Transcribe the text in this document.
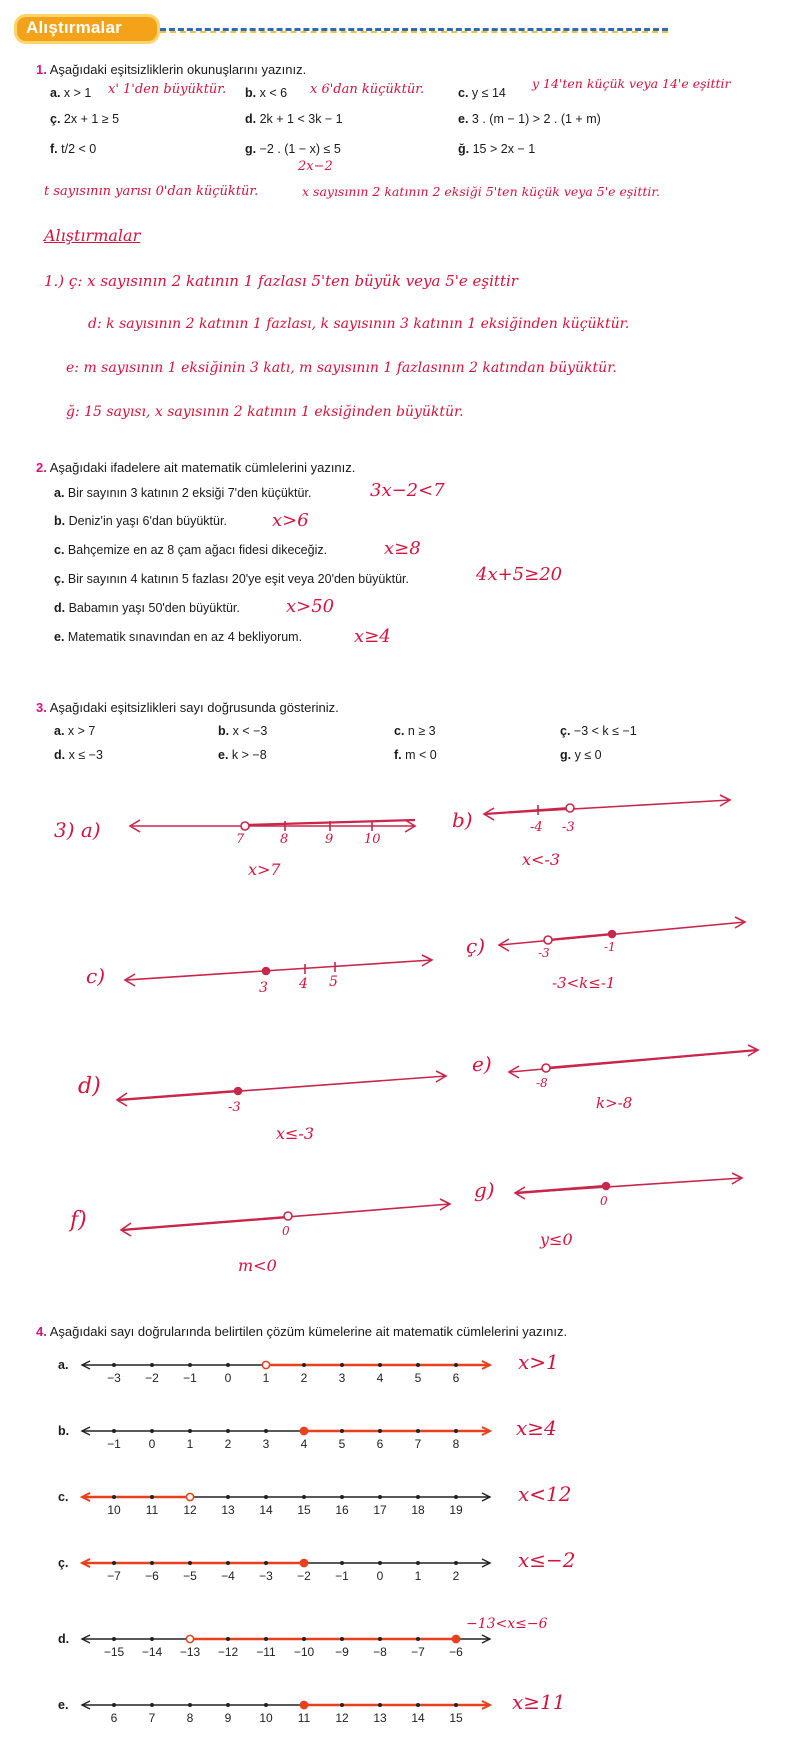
Alıştırmalar
1. Aşağıdaki eşitsizliklerin okunuşlarını yazınız.
a. x > 1	b. x < 6	c. y ≤ 14
ç. 2x + 1 ≥ 5	d. 2k + 1 < 3k − 1	e. 3 . (m − 1) > 2 . (1 + m)
f. t/2 < 0	g. −2 . (1 − x) ≤ 5	ğ. 15 > 2x − 1
x' 1'den büyüktür.	x 6'dan küçüktür.	y 14'ten küçük veya 14'e eşittir
2x−2
t sayısının yarısı 0'dan küçüktür.	x sayısının 2 katının 2 eksiği 5'ten küçük veya 5'e eşittir.
Alıştırmalar
1.) ç: x sayısının 2 katının 1 fazlası 5'ten büyük veya 5'e eşittir
d: k sayısının 2 katının 1 fazlası, k sayısının 3 katının 1 eksiğinden küçüktür.
e: m sayısının 1 eksiğinin 3 katı, m sayısının 1 fazlasının 2 katından büyüktür.
ğ: 15 sayısı, x sayısının 2 katının 1 eksiğinden büyüktür.
2. Aşağıdaki ifadelere ait matematik cümlelerini yazınız.
a. Bir sayının 3 katının 2 eksiği 7'den küçüktür.
b. Deniz'in yaşı 6'dan büyüktür.
c. Bahçemize en az 8 çam ağacı fidesi dikeceğiz.
ç. Bir sayının 4 katının 5 fazlası 20'ye eşit veya 20'den büyüktür.
d. Babamın yaşı 50'den büyüktür.
e. Matematik sınavından en az 4 bekliyorum.
3x−2<7
x>6
x≥8
4x+5≥20
x>50
x≥4
3. Aşağıdaki eşitsizlikleri sayı doğrusunda gösteriniz.
a. x > 7	b. x < −3	c. n ≥ 3	ç. −3 < k ≤ −1
d. x ≤ −3	e. k > −8	f. m < 0	g. y ≤ 0
3) a)	7	8	9 10
x>7
b)	-4 -3
x<-3
c)	3 4 5
ç)	-3	-1
-3<k≤-1
d)
-3
x≤-3
e)
-8
k>-8
f)	0
m<0
g)	0
y≤0
4. Aşağıdaki sayı doğrularında belirtilen çözüm kümelerine ait matematik cümlelerini yazınız.
−3 −2 −1 0	1	2	3	4	5	6
−1 0	1	2	3	4	5	6	7	8
10 11 12 13 14 15 16 17 18 19
−7 −6 −5 −4 −3 −2 −1 0	1	2
−15 −14 −13 −12 −11 −10 −9 −8 −7 −6
6	7	8	9 10 11 12 13 14 15
a.
b.
c.
ç.
d.
e.
x>1
x≥4
x<12
x≤−2
−13<x≤−6
x≥11
